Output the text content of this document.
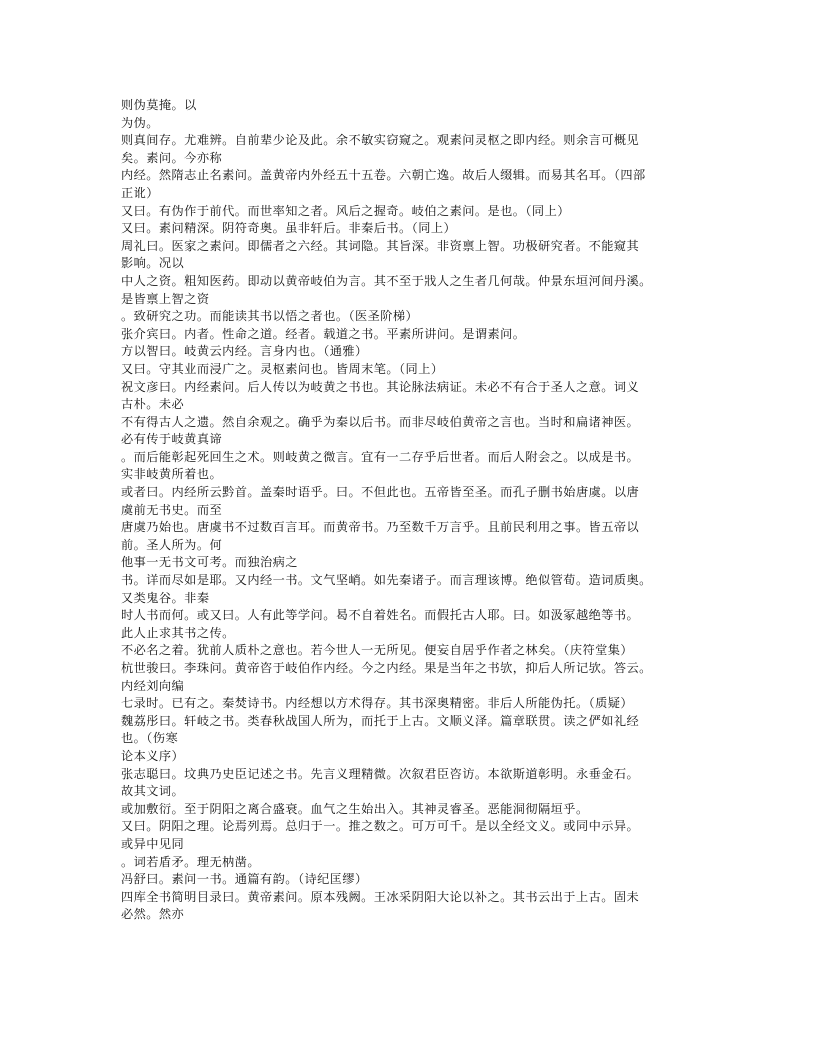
则伪莫掩。以
为伪。
则真间存。尤难辨。自前辈少论及此。余不敏实窃窥之。观素问灵枢之即内经。则余言可概见
矣。素问。今亦称
内经。然隋志止名素问。盖黄帝内外经五十五卷。六朝亡逸。故后人缀辑。而易其名耳。（四部
正讹）
又曰。有伪作于前代。而世率知之者。风后之握奇。岐伯之素问。是也。（同上）
又曰。素问精深。阴符奇奥。虽非轩后。非秦后书。（同上）
周礼曰。医家之素问。即儒者之六经。其词隐。其旨深。非资禀上智。功极研究者。不能窥其
影响。况以
中人之资。粗知医药。即动以黄帝岐伯为言。其不至于戕人之生者几何哉。仲景东垣河间丹溪。
是皆禀上智之资
。致研究之功。而能读其书以悟之者也。（医圣阶梯）
张介宾曰。内者。性命之道。经者。载道之书。平素所讲问。是谓素问。
方以智曰。岐黄云内经。言身内也。（通雅）
又曰。守其业而浸广之。灵枢素问也。皆周末笔。（同上）
祝文彦曰。内经素问。后人传以为岐黄之书也。其论脉法病证。未必不有合于圣人之意。词义
古朴。未必
不有得古人之遗。然自余观之。确乎为秦以后书。而非尽岐伯黄帝之言也。当时和扁诸神医。
必有传于岐黄真谛
。而后能彰起死回生之术。则岐黄之微言。宜有一二存乎后世者。而后人附会之。以成是书。
实非岐黄所着也。
或者曰。内经所云黔首。盖秦时语乎。曰。不但此也。五帝皆至圣。而孔子删书始唐虞。以唐
虞前无书史。而至
唐虞乃始也。唐虞书不过数百言耳。而黄帝书。乃至数千万言乎。且前民利用之事。皆五帝以
前。圣人所为。何
他事一无书文可考。而独治病之
书。详而尽如是耶。又内经一书。文气坚峭。如先秦诸子。而言理该博。绝似管荀。造词质奥。
又类鬼谷。非秦
时人书而何。或又曰。人有此等学问。曷不自着姓名。而假托古人耶。曰。如汲冢越绝等书。
此人止求其书之传。
不必名之着。犹前人质朴之意也。若今世人一无所见。便妄自居乎作者之林矣。（庆符堂集）
杭世骏曰。李珠问。黄帝咨于岐伯作内经。今之内经。果是当年之书欤，抑后人所记欤。答云。
内经刘向编
七录时。已有之。秦焚诗书。内经想以方术得存。其书深奥精密。非后人所能伪托。（质疑）
魏荔彤曰。轩岐之书。类春秋战国人所为，而托于上古。文顺义泽。篇章联贯。读之俨如礼经
也。（伤寒
论本义序）
张志聪曰。坟典乃史臣记述之书。先言义理精微。次叙君臣咨访。本欲斯道彰明。永垂金石。
故其文词。
或加敷衍。至于阴阳之离合盛衰。血气之生始出入。其神灵睿圣。恶能洞彻隔垣乎。
又曰。阴阳之理。论焉列焉。总归于一。推之数之。可万可千。是以全经文义。或同中示异。
或异中见同
。词若盾矛。理无枘凿。
冯舒曰。素问一书。通篇有韵。（诗纪匡缪）
四库全书简明目录曰。黄帝素问。原本残阙。王冰采阴阳大论以补之。其书云出于上古。固未
必然。然亦
